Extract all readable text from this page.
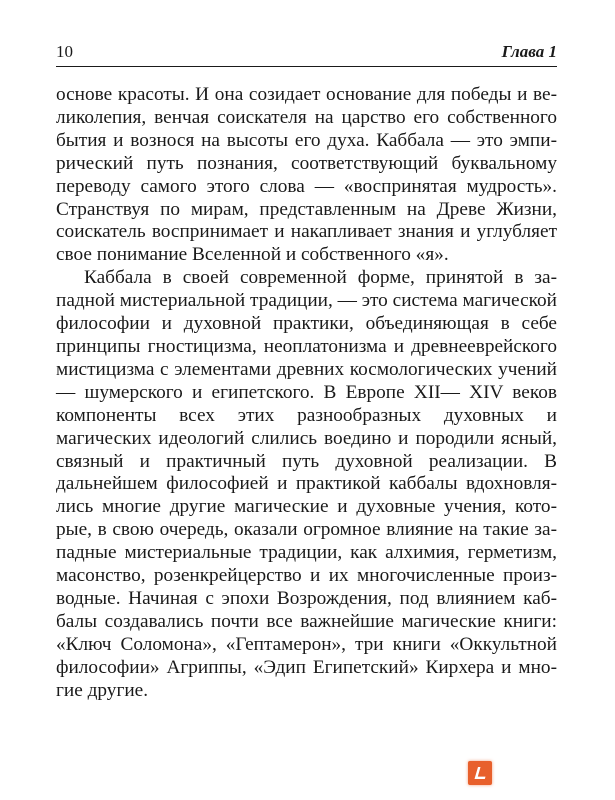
10	Глава 1

основе красоты. И она созидает основание для победы и великолепия, венчая соискателя на царство его собственного бытия и вознося на высоты его духа. Каббала — это эмпирический путь познания, соответствующий буквальному переводу самого этого слова — «воспринятая мудрость». Странствуя по мирам, представленным на Древе Жизни, соискатель воспринимает и накапливает знания и углубляет свое понимание Вселенной и собственного «я».

Каббала в своей современной форме, принятой в западной мистериальной традиции, — это система магической философии и духовной практики, объединяющая в себе принципы гностицизма, неоплатонизма и древнееврейского мистицизма с элементами древних космологических учений — шумерского и египетского. В Европе XII— XIV веков компоненты всех этих разнообразных духовных и магических идеологий слились воедино и породили ясный, связный и практичный путь духовной реализации. В дальнейшем философией и практикой каббалы вдохновлялись многие другие магические и духовные учения, которые, в свою очередь, оказали огромное влияние на такие западные мистериальные традиции, как алхимия, герметизм, масонство, розенкрейцерство и их многочисленные производные. Начиная с эпохи Возрождения, под влиянием каббалы создавались почти все важнейшие магические книги: «Ключ Соломона», «Гептамерон», три книги «Оккультной философии» Агриппы, «Эдип Египетский» Кирхера и многие другие.
